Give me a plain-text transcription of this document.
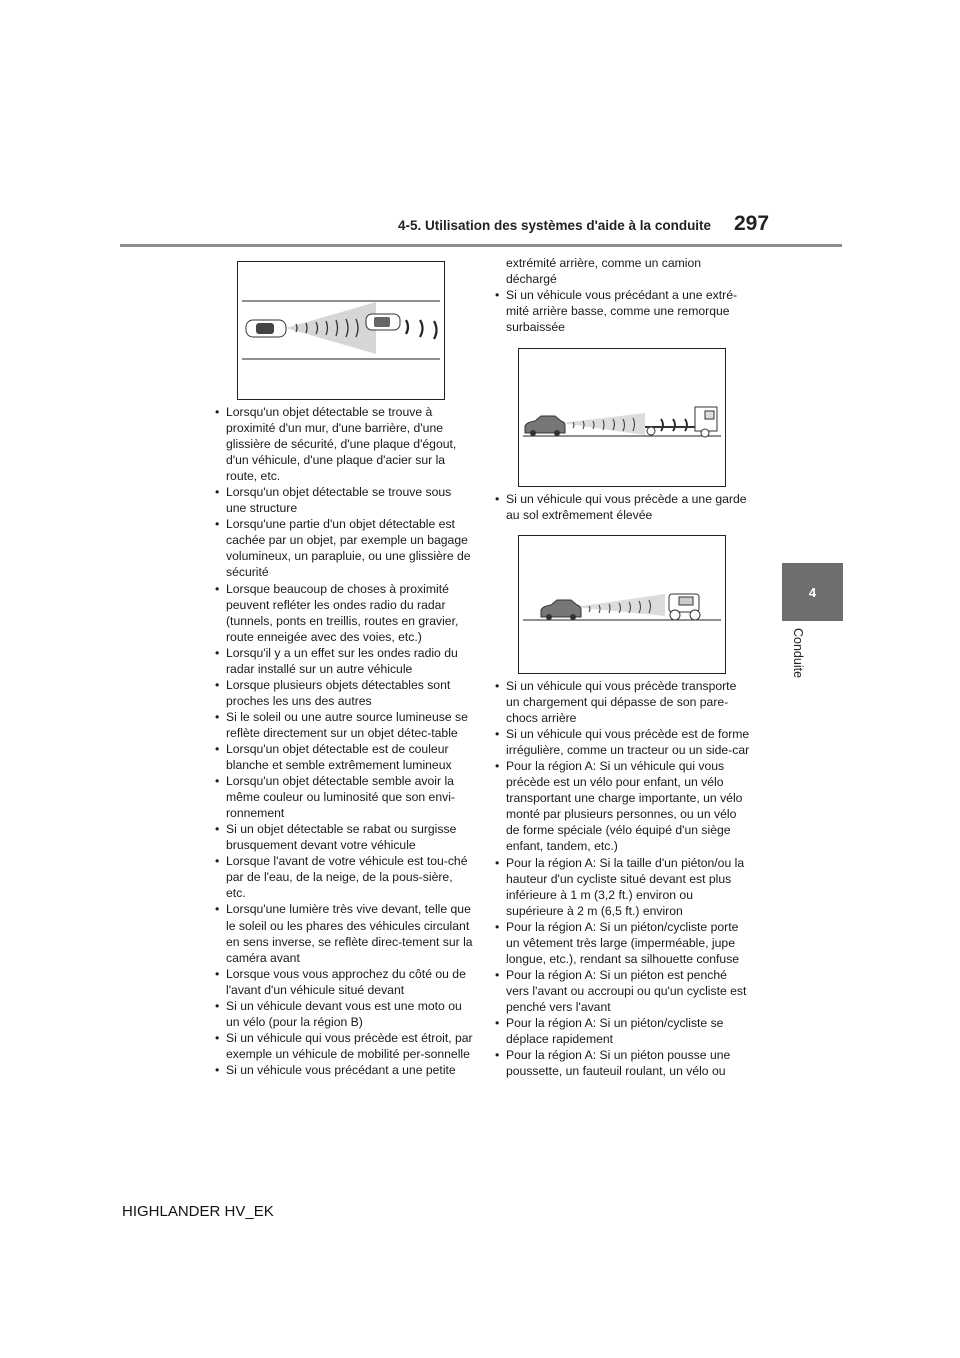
4-5. Utilisation des systèmes d'aide à la conduite 297
4
Conduite
• Lorsqu'un objet détectable se trouve à proximité d'un mur, d'une barrière, d'une glissière de sécurité, d'une plaque d'égout, d'un véhicule, d'une plaque d'acier sur la route, etc.
• Lorsqu'un objet détectable se trouve sous une structure
• Lorsqu'une partie d'un objet détectable est cachée par un objet, par exemple un bagage volumineux, un parapluie, ou une glissière de sécurité
• Lorsque beaucoup de choses à proximité peuvent refléter les ondes radio du radar (tunnels, ponts en treillis, routes en gravier, route enneigée avec des voies, etc.)
• Lorsqu'il y a un effet sur les ondes radio du radar installé sur un autre véhicule
• Lorsque plusieurs objets détectables sont proches les uns des autres
• Si le soleil ou une autre source lumineuse se reflète directement sur un objet détec-table
• Lorsqu'un objet détectable est de couleur blanche et semble extrêmement lumineux
• Lorsqu'un objet détectable semble avoir la même couleur ou luminosité que son envi-ronnement
• Si un objet détectable se rabat ou surgisse brusquement devant votre véhicule
• Lorsque l'avant de votre véhicule est tou-ché par de l'eau, de la neige, de la pous-sière, etc.
• Lorsqu'une lumière très vive devant, telle que le soleil ou les phares des véhicules circulant en sens inverse, se reflète direc-tement sur la caméra avant
• Lorsque vous vous approchez du côté ou de l'avant d'un véhicule situé devant
• Si un véhicule devant vous est une moto ou un vélo (pour la région B)
• Si un véhicule qui vous précède est étroit, par exemple un véhicule de mobilité per-sonnelle
• Si un véhicule vous précédant a une petite

extrémité arrière, comme un camion déchargé

• Si un véhicule vous précédant a une extré-mité arrière basse, comme une remorque surbaissée
• Si un véhicule qui vous précède a une garde au sol extrêmement élevée
• Si un véhicule qui vous précède transporte un chargement qui dépasse de son pare-chocs arrière
• Si un véhicule qui vous précède est de forme irrégulière, comme un tracteur ou un side-car
• Pour la région A: Si un véhicule qui vous précède est un vélo pour enfant, un vélo transportant une charge importante, un vélo monté par plusieurs personnes, ou un vélo de forme spéciale (vélo équipé d'un siège enfant, tandem, etc.)
• Pour la région A: Si la taille d'un piéton/ou la hauteur d'un cycliste situé devant est plus inférieure à 1 m (3,2 ft.) environ ou supérieure à 2 m (6,5 ft.) environ
• Pour la région A: Si un piéton/cycliste porte un vêtement très large (imperméable, jupe longue, etc.), rendant sa silhouette confuse
• Pour la région A: Si un piéton est penché vers l'avant ou accroupi ou qu'un cycliste est penché vers l'avant
• Pour la région A: Si un piéton/cycliste se déplace rapidement
• Pour la région A: Si un piéton pousse une poussette, un fauteuil roulant, un vélo ou
HIGHLANDER HV_EK
